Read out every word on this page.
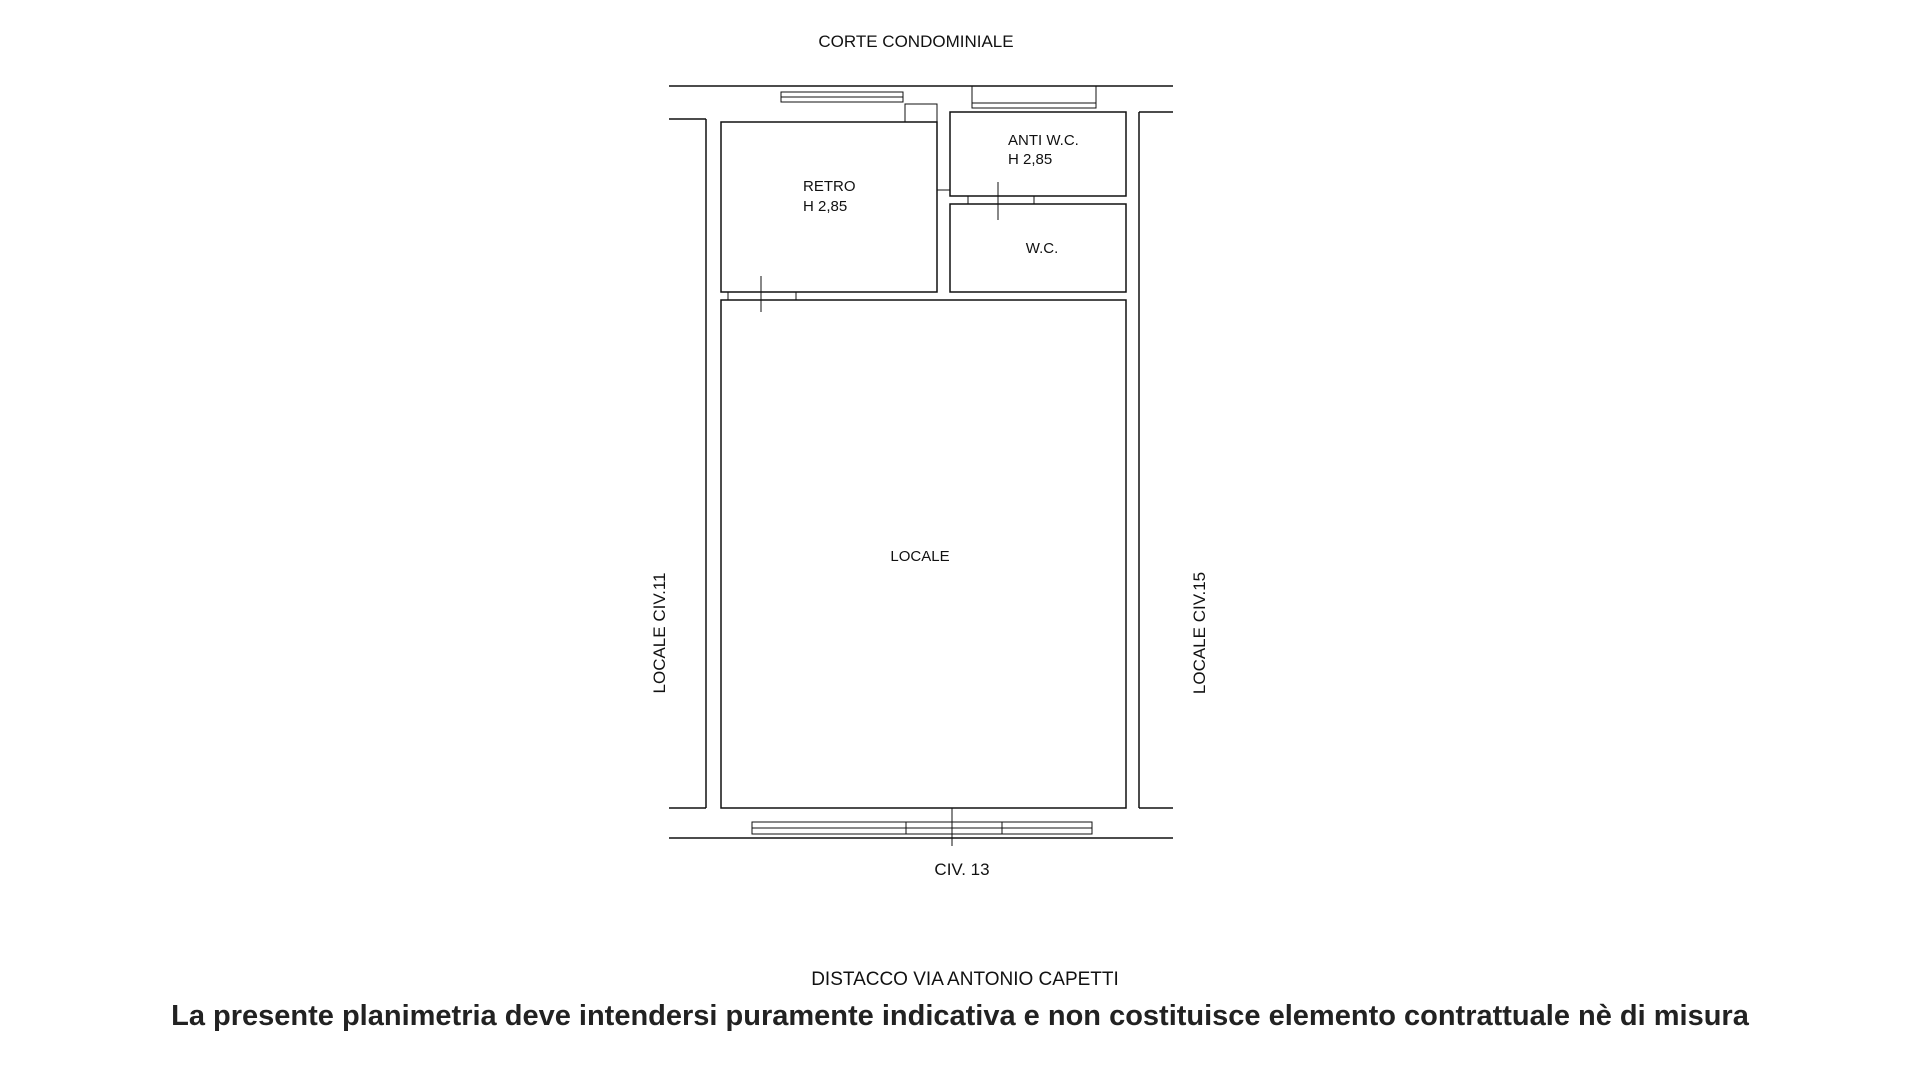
CORTE CONDOMINIALE
RETRO
H 2,85
ANTI W.C.
H 2,85
W.C.
LOCALE
CIV. 13
DISTACCO VIA ANTONIO CAPETTI
LOCALE CIV.11	LOCALE CIV.15
La presente planimetria deve intendersi puramente indicativa e non costituisce elemento contrattuale nè di misura
